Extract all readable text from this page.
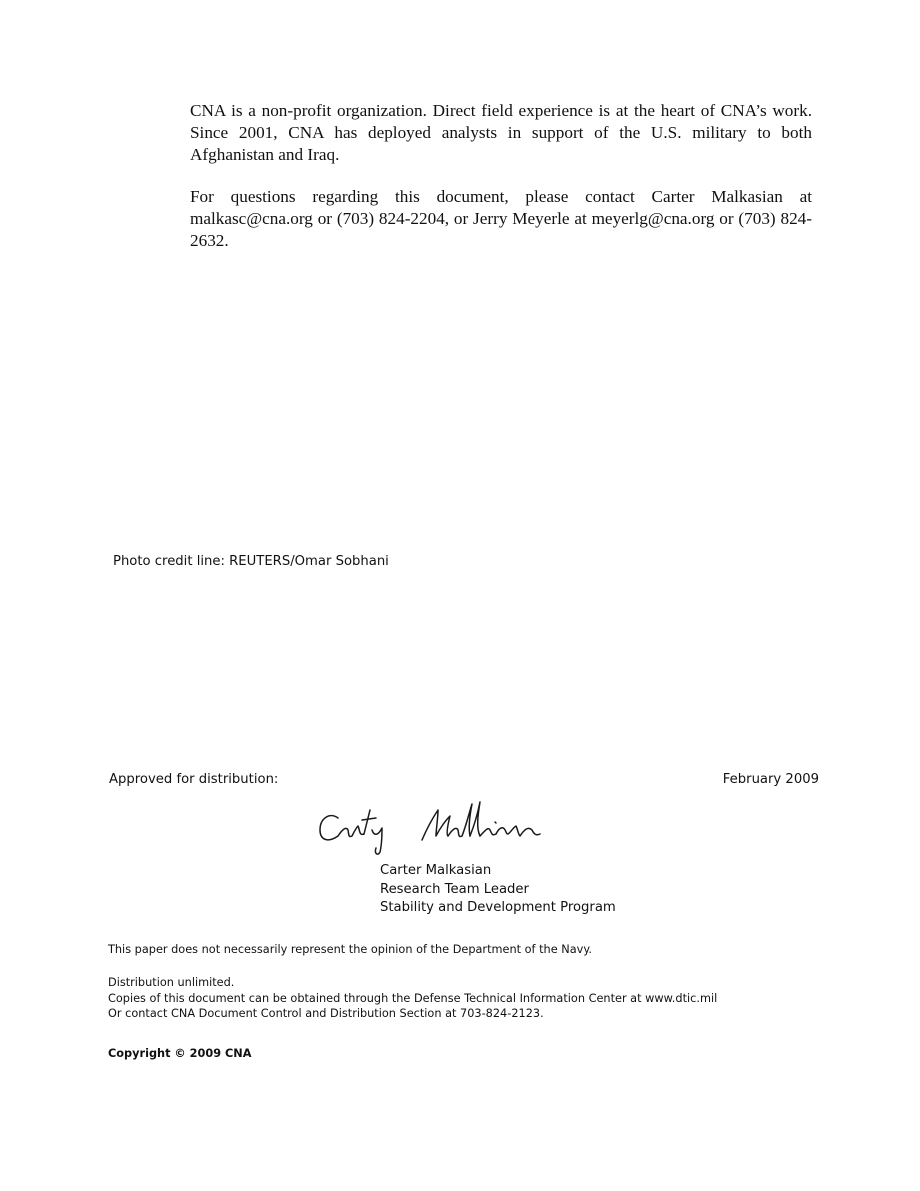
CNA is a non-profit organization. Direct field experience is at the heart of CNA’s work. Since 2001, CNA has deployed analysts in support of the U.S. military to both Afghanistan and Iraq.

For questions regarding this document, please contact Carter Malkasian at malkasc@cna.org or (703) 824-2204, or Jerry Meyerle at meyerlg@cna.org or (703) 824-2632.

Photo credit line: REUTERS/Omar Sobhani

Approved for distribution:	February 2009

Carter Malkasian
Research Team Leader
Stability and Development Program

This paper does not necessarily represent the opinion of the Department of the Navy.

Distribution unlimited.
Copies of this document can be obtained through the Defense Technical Information Center at www.dtic.mil
Or contact CNA Document Control and Distribution Section at 703-824-2123.

Copyright © 2009 CNA
